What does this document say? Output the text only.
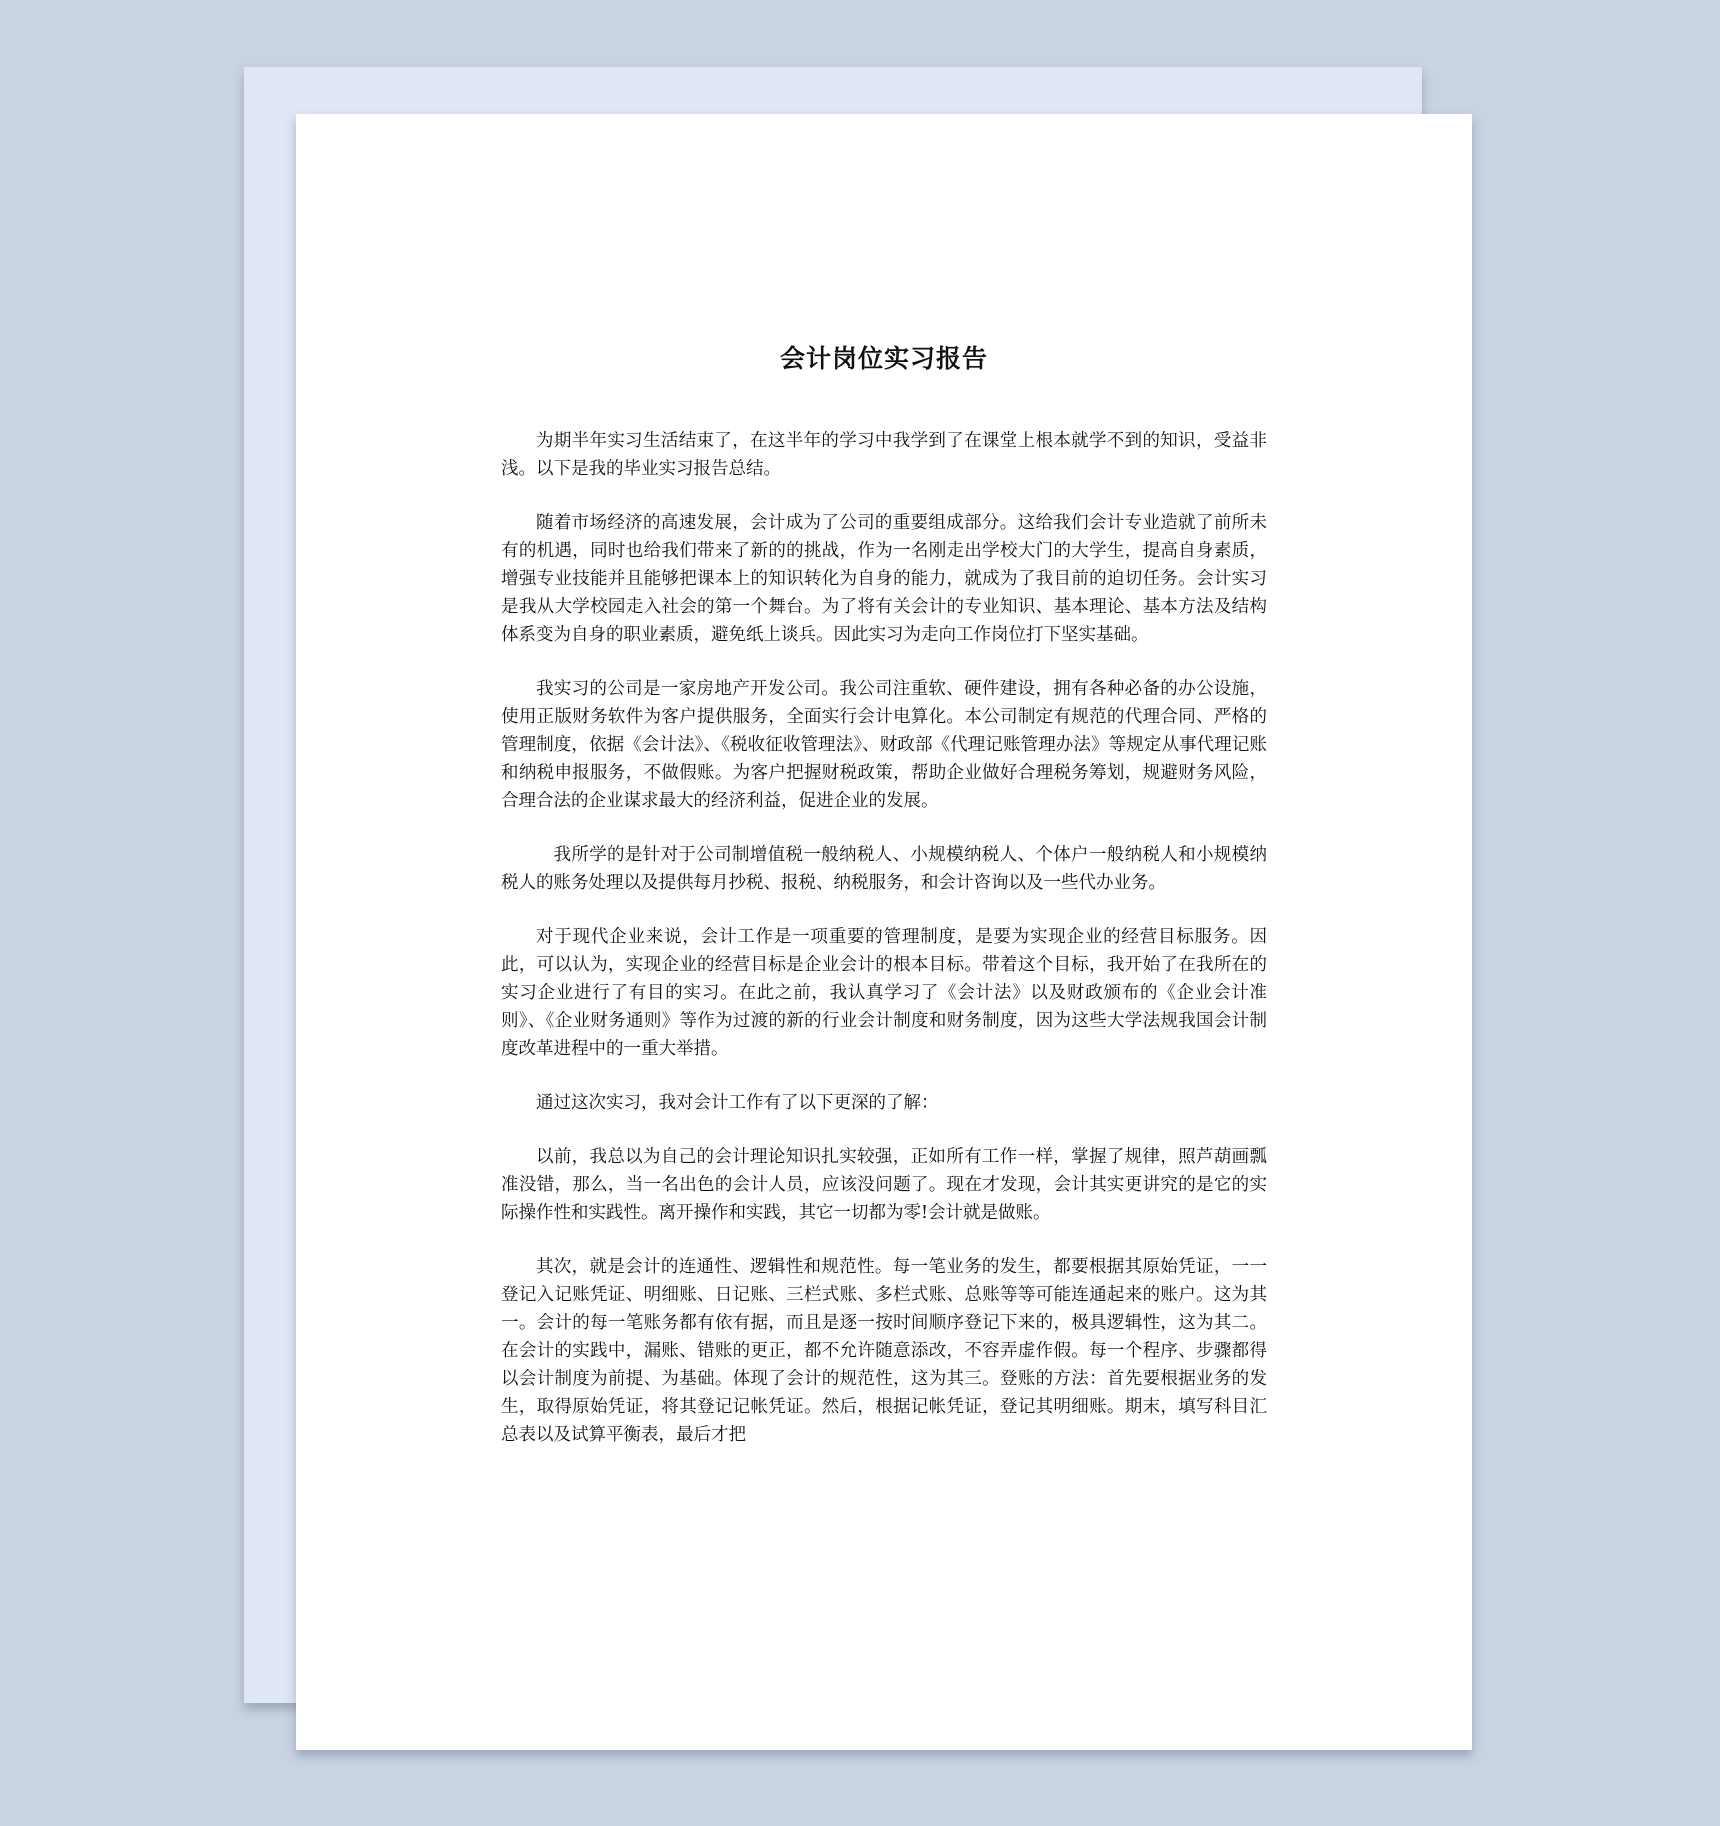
会计岗位实习报告

为期半年实习生活结束了，在这半年的学习中我学到了在课堂上根本就学不到的知识，受益非浅。以下是我的毕业实习报告总结。

随着市场经济的高速发展，会计成为了公司的重要组成部分。这给我们会计专业造就了前所未有的机遇，同时也给我们带来了新的的挑战，作为一名刚走出学校大门的大学生，提高自身素质，增强专业技能并且能够把课本上的知识转化为自身的能力，就成为了我目前的迫切任务。会计实习是我从大学校园走入社会的第一个舞台。为了将有关会计的专业知识、基本理论、基本方法及结构体系变为自身的职业素质，避免纸上谈兵。因此实习为走向工作岗位打下坚实基础。

我实习的公司是一家房地产开发公司。我公司注重软、硬件建设，拥有各种必备的办公设施，使用正版财务软件为客户提供服务，全面实行会计电算化。本公司制定有规范的代理合同、严格的管理制度，依据《会计法》、《税收征收管理法》、财政部《代理记账管理办法》等规定从事代理记账和纳税申报服务，不做假账。为客户把握财税政策，帮助企业做好合理税务筹划，规避财务风险，合理合法的企业谋求最大的经济利益，促进企业的发展。

我所学的是针对于公司制增值税一般纳税人、小规模纳税人、个体户一般纳税人和小规模纳税人的账务处理以及提供每月抄税、报税、纳税服务，和会计咨询以及一些代办业务。

对于现代企业来说，会计工作是一项重要的管理制度，是要为实现企业的经营目标服务。因此，可以认为，实现企业的经营目标是企业会计的根本目标。带着这个目标，我开始了在我所在的实习企业进行了有目的实习。在此之前，我认真学习了《会计法》以及财政颁布的《企业会计准则》、《企业财务通则》等作为过渡的新的行业会计制度和财务制度，因为这些大学法规我国会计制度改革进程中的一重大举措。

通过这次实习，我对会计工作有了以下更深的了解：

以前，我总以为自己的会计理论知识扎实较强，正如所有工作一样，掌握了规律，照芦葫画瓢准没错，那么，当一名出色的会计人员，应该没问题了。现在才发现，会计其实更讲究的是它的实际操作性和实践性。离开操作和实践，其它一切都为零!会计就是做账。

其次，就是会计的连通性、逻辑性和规范性。每一笔业务的发生，都要根据其原始凭证，一一登记入记账凭证、明细账、日记账、三栏式账、多栏式账、总账等等可能连通起来的账户。这为其一。会计的每一笔账务都有依有据，而且是逐一按时间顺序登记下来的，极具逻辑性，这为其二。在会计的实践中，漏账、错账的更正，都不允许随意添改，不容弄虚作假。每一个程序、步骤都得以会计制度为前提、为基础。体现了会计的规范性，这为其三。登账的方法：首先要根据业务的发生，取得原始凭证，将其登记记帐凭证。然后，根据记帐凭证，登记其明细账。期末，填写科目汇总表以及试算平衡表，最后才把
